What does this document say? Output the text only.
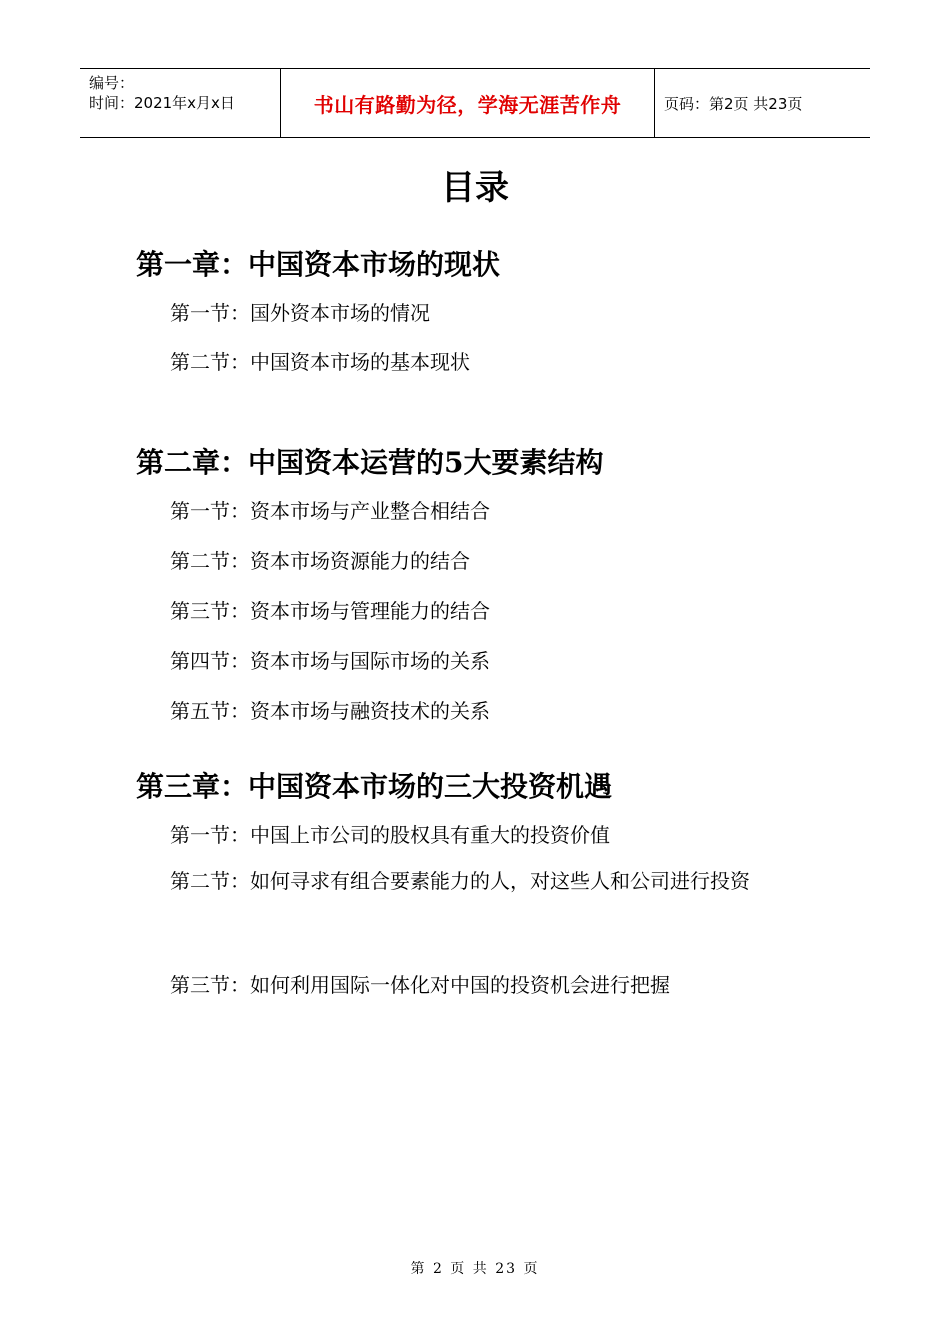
编号：
时间：2021年x月x日	书山有路勤为径，学海无涯苦作舟	页码：第2页 共23页
目录
第一章：中国资本市场的现状
第一节：国外资本市场的情况
第二节：中国资本市场的基本现状
第二章：中国资本运营的5大要素结构
第一节：资本市场与产业整合相结合
第二节：资本市场资源能力的结合
第三节：资本市场与管理能力的结合
第四节：资本市场与国际市场的关系
第五节：资本市场与融资技术的关系
第三章：中国资本市场的三大投资机遇
第一节：中国上市公司的股权具有重大的投资价值
第二节：如何寻求有组合要素能力的人，对这些人和公司进行投资
第三节：如何利用国际一体化对中国的投资机会进行把握
第 2 页 共 23 页
